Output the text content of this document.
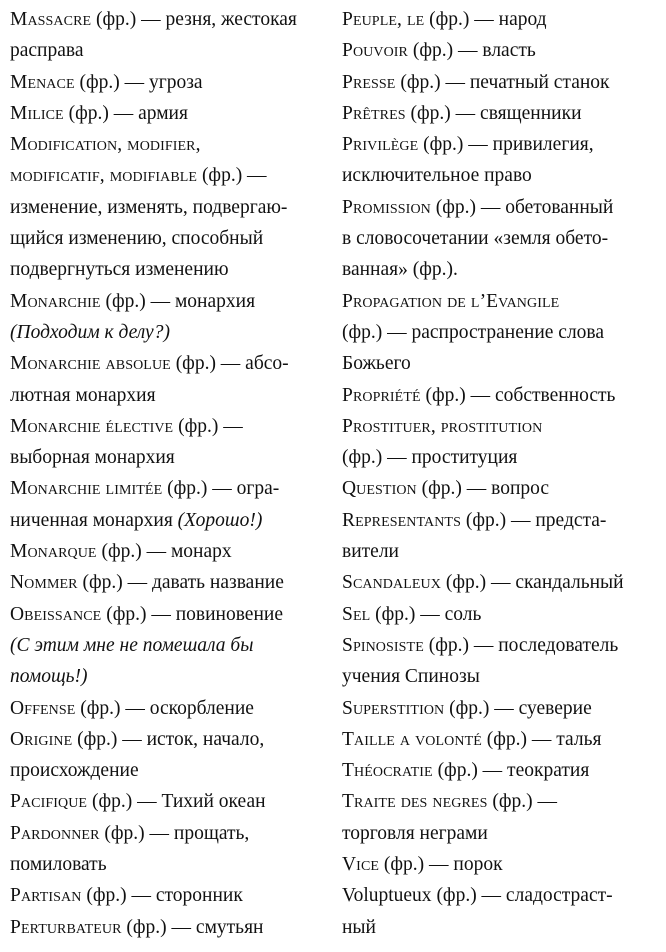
Massacre (фр.) — резня, жестокая
расправа
Menace (фр.) — угроза
Milice (фр.) — армия
Modification, modifier,
modificatif, modifiable (фр.) —
изменение, изменять, подвергаю-
щийся изменению, способный
подвергнуться изменению
Monarchie (фр.) — монархия
(Подходим к делу?)
Monarchie absolue (фр.) — абсо-
лютная монархия
Monarchie élective (фр.) —
выборная монархия
Monarchie limitée (фр.) — огра-
ниченная монархия (Хорошо!)
Monarque (фр.) — монарх
Nommer (фр.) — давать название
Obeissance (фр.) — повиновение
(С этим мне не помешала бы
помощь!)
Offense (фр.) — оскорбление
Origine (фр.) — исток, начало,
происхождение
Pacifique (фр.) — Тихий океан
Pardonner (фр.) — прощать,
помиловать
Partisan (фр.) — сторонник
Perturbateur (фр.) — смутьян
Peuple, le (фр.) — народ
Pouvoir (фр.) — власть
Presse (фр.) — печатный станок
Prêtres (фр.) — священники
Privilège (фр.) — привилегия,
исключительное право
Promission (фр.) — обетованный
в словосочетании «земля обето-
ванная» (фр.).
Propagation de l’Evangile
(фр.) — распространение слова
Божьего
Propriété (фр.) — собственность
Prostituer, prostitution
(фр.) — проституция
Question (фр.) — вопрос
Representants (фр.) — предста-
вители
Scandaleux (фр.) — скандальный
Sel (фр.) — соль
Spinosiste (фр.) — последователь
учения Спинозы
Superstition (фр.) — суеверие
Taille a volonté (фр.) — талья
Théocratie (фр.) — теократия
Traite des negres (фр.) —
торговля неграми
Vice (фр.) — порок
Voluptueux (фр.) — сладостраст-
ный
